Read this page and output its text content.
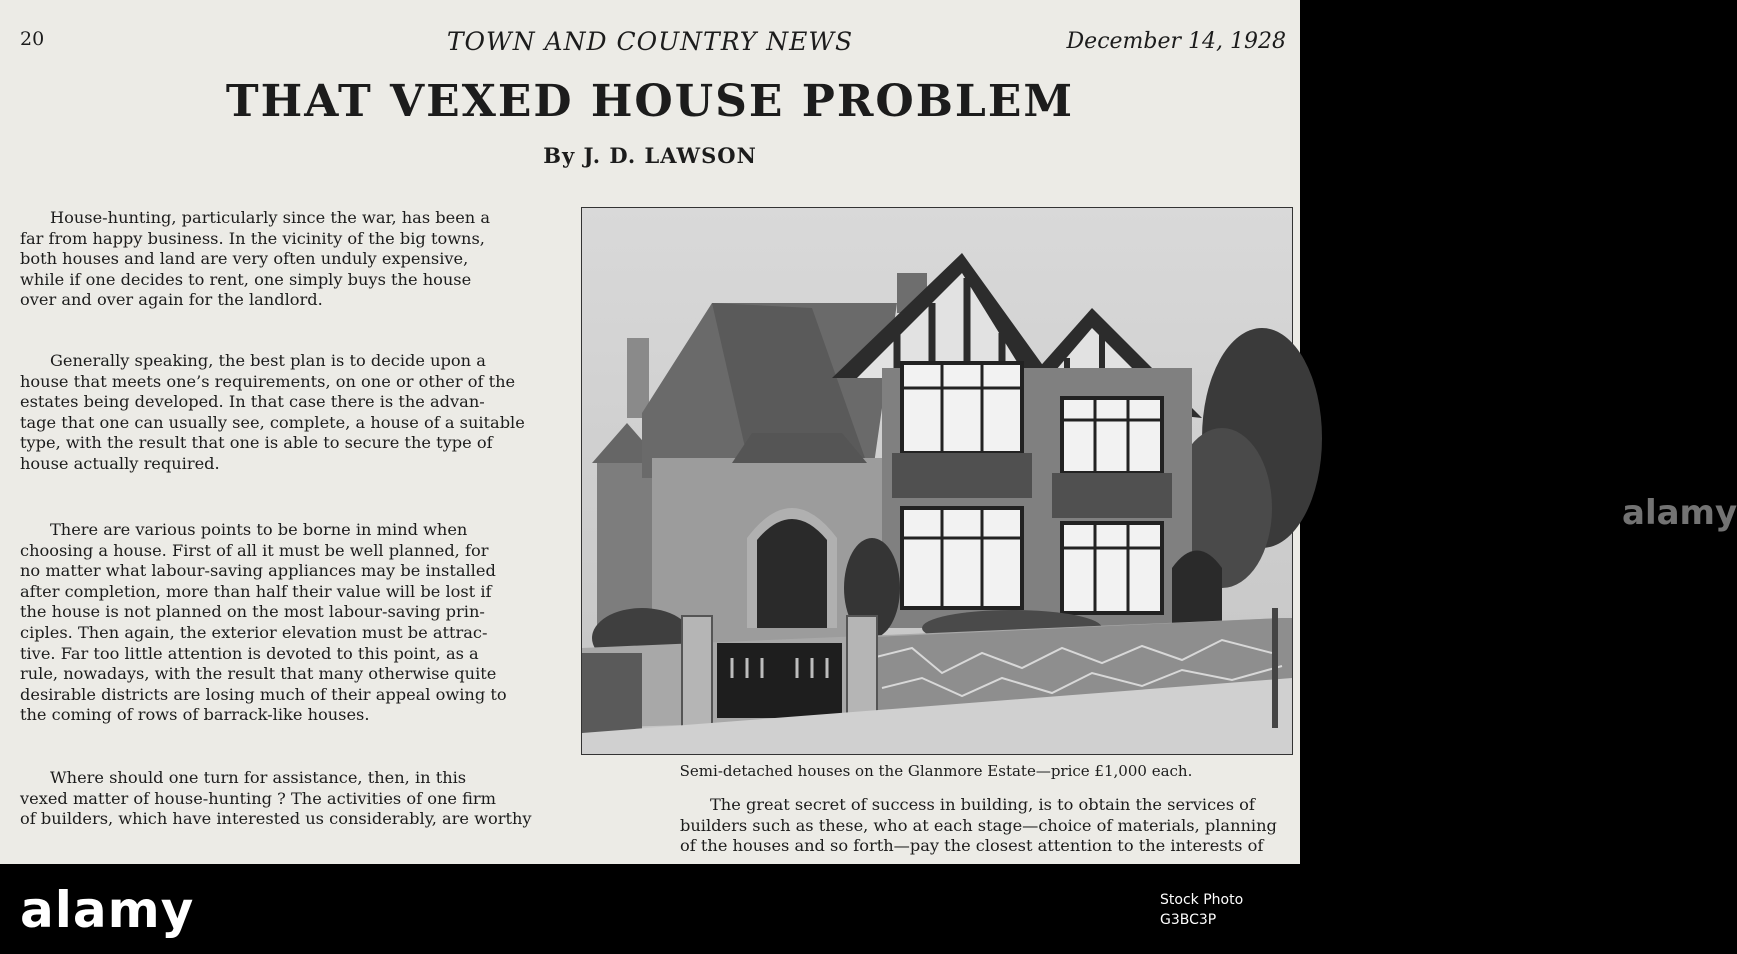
20	TOWN AND COUNTRY NEWS	December 14, 1928
THAT VEXED HOUSE PROBLEM
By J. D. LAWSON
House-hunting, particularly since the war, has been a
far from happy business. In the vicinity of the big towns,
both houses and land are very often unduly expensive,
while if one decides to rent, one simply buys the house
over and over again for the landlord.
Generally speaking, the best plan is to decide upon a
house that meets one’s requirements, on one or other of the
estates being developed. In that case there is the advan-
tage that one can usually see, complete, a house of a suitable
type, with the result that one is able to secure the type of
house actually required.
There are various points to be borne in mind when
choosing a house. First of all it must be well planned, for
no matter what labour-saving appliances may be installed
after completion, more than half their value will be lost if
the house is not planned on the most labour-saving prin-
ciples. Then again, the exterior elevation must be attrac-
tive. Far too little attention is devoted to this point, as a
rule, nowadays, with the result that many otherwise quite
desirable districts are losing much of their appeal owing to
the coming of rows of barrack-like houses.
Where should one turn for assistance, then, in this
vexed matter of house-hunting ? The activities of one firm
of builders, which have interested us considerably, are worthy
The great secret of success in building, is to obtain the services of
builders such as these, who at each stage—choice of materials, planning
of the houses and so forth—pay the closest attention to the interests of
alamy
Semi-detached houses on the Glanmore Estate—price £1,000 each.
alamy	Stock Photo
G3BC3P
